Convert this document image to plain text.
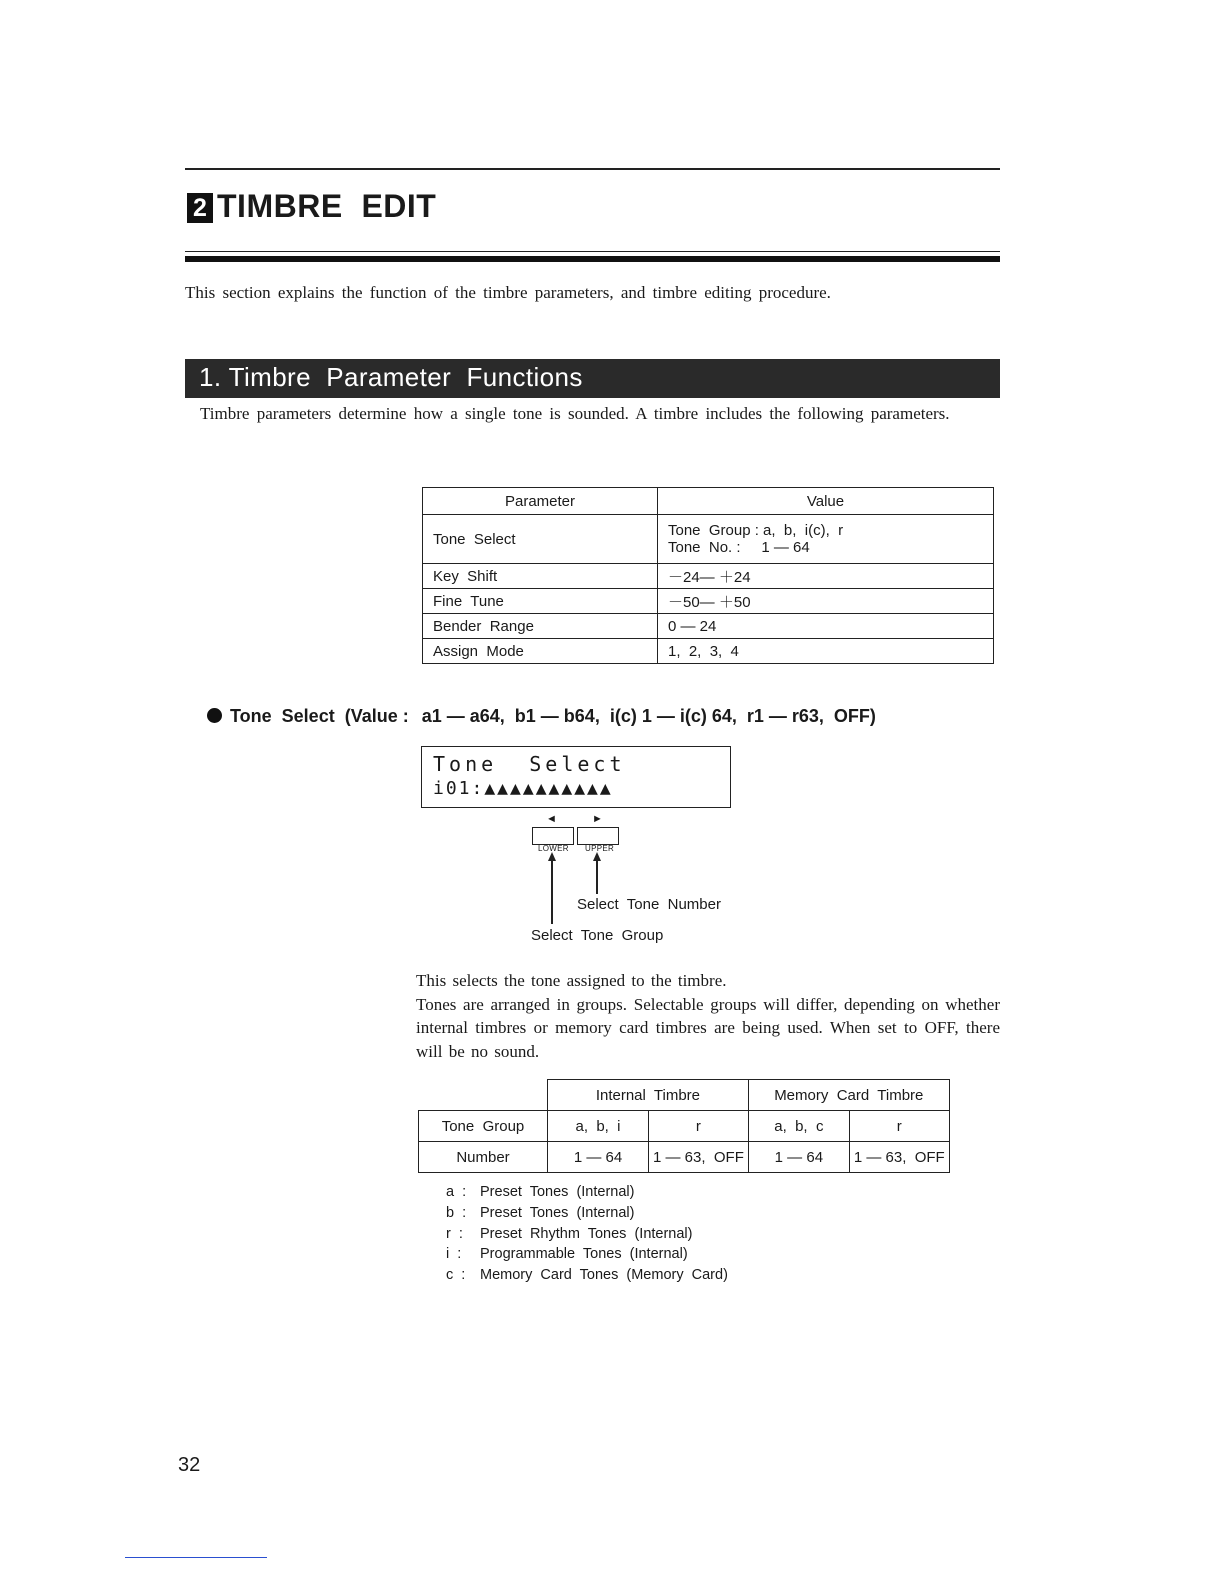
2 TIMBRE  EDIT
This section explains the function of the timbre parameters, and timbre editing procedure.
1. Timbre  Parameter  Functions
Timbre parameters determine how a single tone is sounded. A timbre includes the following parameters.
Parameter	Value
Tone  Select	Tone  Group : a,  b,  i(c),  r
Tone  No. :     1 — 64

Key  Shift	－24— ＋24
Fine  Tune	－50— ＋50
Bender  Range	0 — 24
Assign  Mode	1,  2,  3,  4
Tone  Select  (Value : a1 — a64,  b1 — b64,  i(c) 1 — i(c) 64,  r1 — r63,  OFF)
Tone  Select
i01:▲▲▲▲▲▲▲▲▲▲
◄	►
LOWER UPPER
Select  Tone  Number
Select  Tone  Group
This selects the tone assigned to the timbre.
Tones are arranged in groups. Selectable groups will differ, depending on whether internal timbres or memory card timbres are being used. When set to OFF, there will be no sound.
	Internal  Timbre		Memory  Card  Timbre	
Tone  Group	a,  b,  i	r	a,  b,  c	r
Number	1 — 64	1 — 63,  OFF	1 — 64	1 — 63,  OFF
a  : Preset  Tones  (Internal)
b  : Preset  Tones  (Internal)
r  : Preset  Rhythm  Tones  (Internal)
i  : Programmable  Tones  (Internal)
c  : Memory  Card  Tones  (Memory  Card)
32
